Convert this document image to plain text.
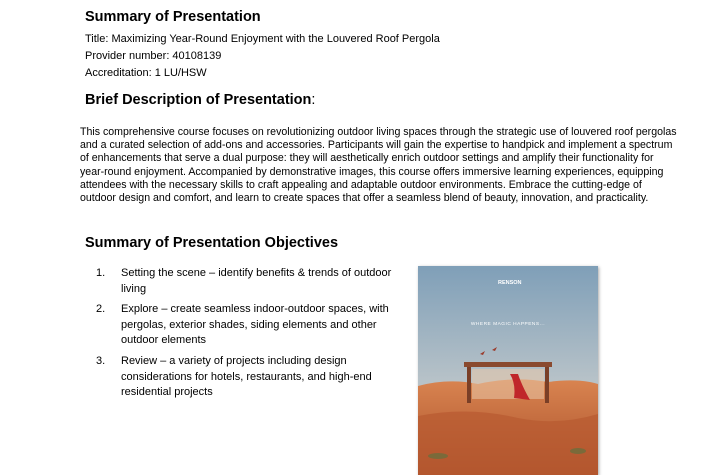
Summary of Presentation
Title: Maximizing Year-Round Enjoyment with the Louvered Roof Pergola
Provider number: 40108139
Accreditation: 1 LU/HSW
Brief Description of Presentation:
This comprehensive course focuses on revolutionizing outdoor living spaces through the strategic use of louvered roof pergolas and a curated selection of add-ons and accessories. Participants will gain the expertise to handpick and implement a spectrum of enhancements that serve a dual purpose: they will aesthetically enrich outdoor settings and amplify their functionality for year-round enjoyment. Accompanied by demonstrative images, this course offers immersive learning experiences, equipping attendees with the necessary skills to craft appealing and adaptable outdoor environments. Embrace the cutting-edge of outdoor design and comfort, and learn to create spaces that offer a seamless blend of beauty, innovation, and practicality.
Summary of Presentation Objectives
1.	Setting the scene – identify benefits & trends of outdoor living
2.	Explore – create seamless indoor-outdoor spaces, with pergolas, exterior shades, siding elements and other outdoor elements
3.	Review – a variety of projects including design considerations for hotels, restaurants, and high-end residential projects
RENSON
WHERE MAGIC HAPPENS...
